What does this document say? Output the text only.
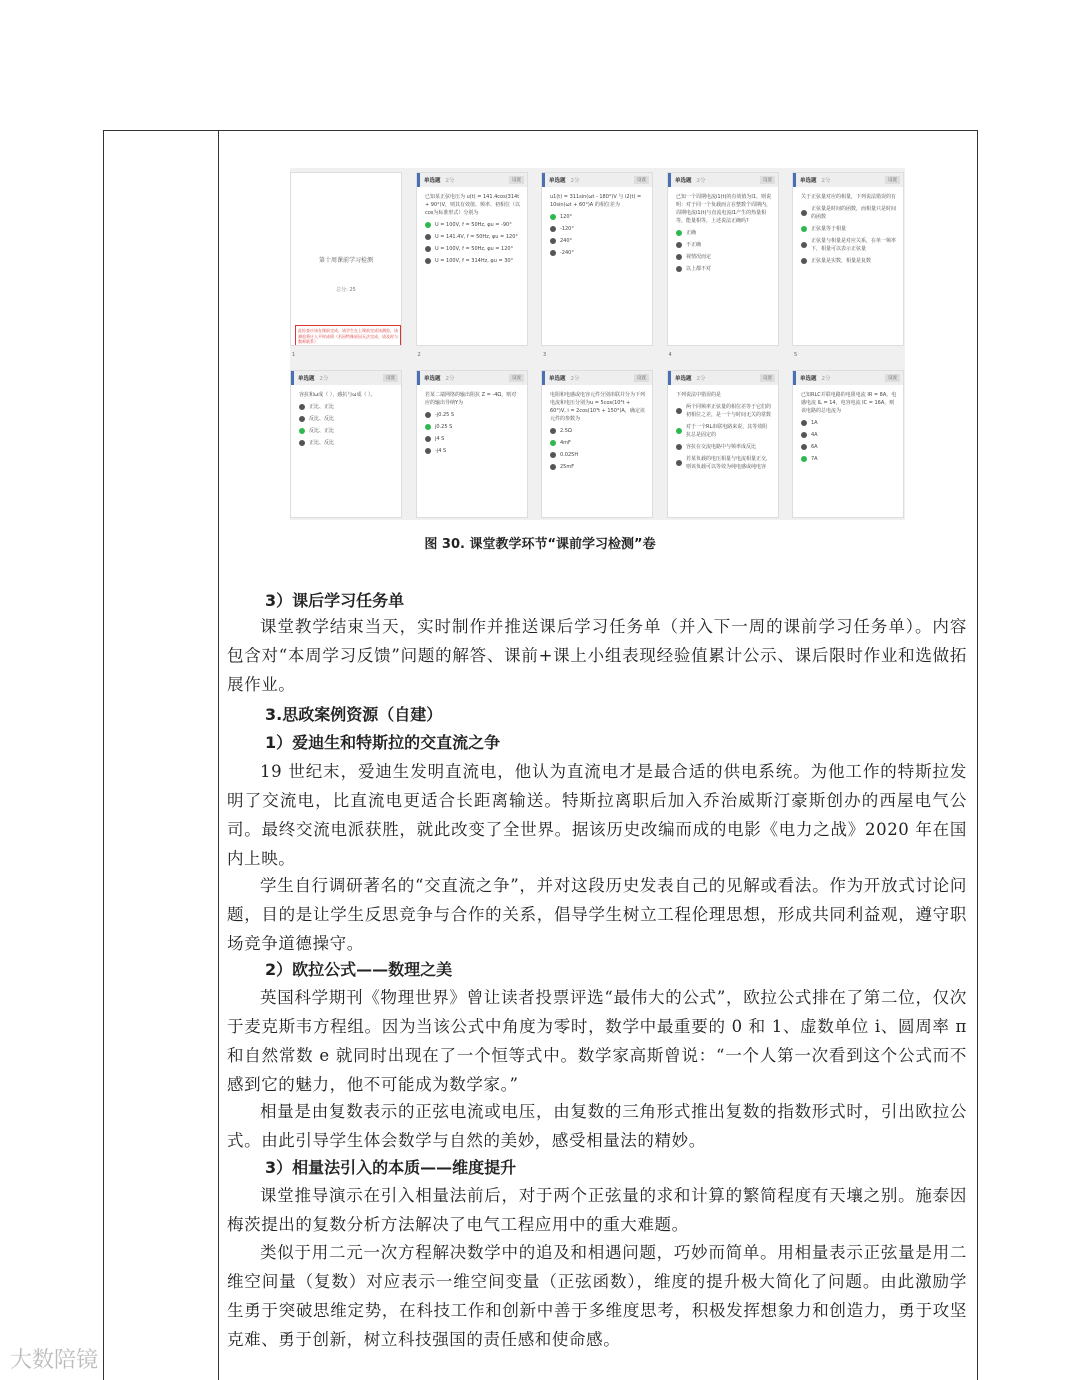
第十周课前学习检测
总分: 25
此检查应该在课前完成，请学生在上课前完成该测验，该测验将计入平时成绩（若因特殊原因无法完成，请及时与教师联系）
单选题 2分	设置
已知某正弦电压为 u(t) = 141.4cos(314t + 90°)V，则其有效值、频率、初相位（以cos为标准形式）分别为
U = 100V, f = 50Hz, φu = -90°
U = 141.4V, f = 50Hz, φu = 120°
U = 100V, f = 50Hz, φu = 120°
U = 100V, f = 314Hz, φu = 30°
单选题 2分	设置
u1(t) = 311sin(ωt - 180°)V 与 i2(t) = 10sin(ωt + 60°)A 的相位差为
120°
-120°
240°
-240°
单选题 2分	设置
已知一个周期电流i1(t)的有效值为I1，则说明：对于同一个负载而言在整数个周期内，周期电流i1(t)与直流电流I1产生的热量相等，能量相等，上述说法正确吗?
正确
不正确
视情况而定
以上都不对
单选题 2分	设置
关于正弦量对应的相量，下列说法错误的有
正弦量是时间的函数，而相量只是时间的函数
正弦量等于相量
正弦量与相量是对应关系，在单一频率下，相量可以表示正弦量
正弦量是实数，相量是复数
单选题 2分	设置
容抗和ω成（ ），感抗与ω成（ ）。
正比、正比
反比、反比
反比、正比
正比、反比
单选题 2分	设置
若某二端网络的输出阻抗 Z = -4Ω，则对应的输出导纳Y为
-j0.25 S
j0.25 S
j4 S
-j4 S
单选题 2分	设置
电阻和电感或电容元件分别串联并分为下列电流和电压分别为u = 5cos(10³t + 60°)V, i = 2cos(10³t + 150°)A，确定该元件的参数为
2.5Ω
4mF
0.025H
25mF
单选题 2分	设置
下列说法中错误的是
两个同频率正弦量的相位差等于它们的初相位之差，是一个与时间无关的常数
对于一个RL串联电路来说，其等效阻抗总是固定的
容抗在交流电路中与频率成反比
若某负载的电压相量与电流相量正交，则该负载可以等效为纯电感或纯电容
单选题 2分	设置
已知RLC并联电路的电阻电流 IR = 8A，电感电流 IL = 14，电容电流 IC = 16A，则该电路的总电流为
1A
4A
6A
7A
1	2	3	4	5
图 30. 课堂教学环节“课前学习检测”卷
3）课后学习任务单
课堂教学结束当天，实时制作并推送课后学习任务单（并入下一周的课前学习任务单）。内容包含对“本周学习反馈”问题的解答、课前+课上小组表现经验值累计公示、课后限时作业和选做拓展作业。
3.思政案例资源（自建）
1）爱迪生和特斯拉的交直流之争
19 世纪末，爱迪生发明直流电，他认为直流电才是最合适的供电系统。为他工作的特斯拉发明了交流电，比直流电更适合长距离输送。特斯拉离职后加入乔治威斯汀豪斯创办的西屋电气公司。最终交流电派获胜，就此改变了全世界。据该历史改编而成的电影《电力之战》2020 年在国内上映。
学生自行调研著名的“交直流之争”，并对这段历史发表自己的见解或看法。作为开放式讨论问题，目的是让学生反思竞争与合作的关系，倡导学生树立工程伦理思想，形成共同利益观，遵守职场竞争道德操守。
2）欧拉公式——数理之美
英国科学期刊《物理世界》曾让读者投票评选“最伟大的公式”，欧拉公式排在了第二位，仅次于麦克斯韦方程组。因为当该公式中角度为零时，数学中最重要的 0 和 1、虚数单位 i、圆周率 π 和自然常数 e 就同时出现在了一个恒等式中。数学家高斯曾说：“一个人第一次看到这个公式而不感到它的魅力，他不可能成为数学家。”
相量是由复数表示的正弦电流或电压，由复数的三角形式推出复数的指数形式时，引出欧拉公式。由此引导学生体会数学与自然的美妙，感受相量法的精妙。
3）相量法引入的本质——维度提升
课堂推导演示在引入相量法前后，对于两个正弦量的求和计算的繁简程度有天壤之别。施泰因梅茨提出的复数分析方法解决了电气工程应用中的重大难题。
类似于用二元一次方程解决数学中的追及和相遇问题，巧妙而简单。用相量表示正弦量是用二维空间量（复数）对应表示一维空间变量（正弦函数），维度的提升极大简化了问题。由此激励学生勇于突破思维定势，在科技工作和创新中善于多维度思考，积极发挥想象力和创造力，勇于攻坚克难、勇于创新，树立科技强国的责任感和使命感。
大数陪镜
